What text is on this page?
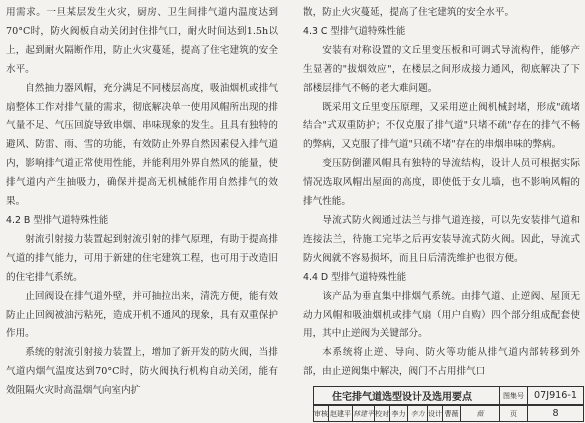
用需求。一旦某层发生火灾，厨房、卫生间排气道内温度达到70°C时，防火阀板自动关闭封住排气口，耐火时间达到1.5h以上，起到耐火隔断作用，防止火灾蔓延，提高了住宅建筑的安全水平。

自然抽力器风帽，充分满足不同楼层高度，吸油烟机或排气扇整体工作对排气量的需求，彻底解决单一使用风帽所出现的排气量不足、气压回旋导致串烟、串味现象的发生。且具有独特的避风、防雷、雨、雪的功能，有效防止外界自然因素侵入排气道内，影响排气道正常使用性能，并能利用外界自然风的能量，使排气道内产生抽吸力，确保并提高无机械能作用自然排气的效果。

4.2 B 型排气道特殊性能

射流引射接力装置起到射流引射的排气原理，有助于提高排气道的排气能力，可用于新建的住宅建筑工程，也可用于改造旧的住宅排气系统。

止回阀设在排气道外壁，并可抽拉出来，清洗方便，能有效防止止回阀被油污粘死，造成开机不通风的现象，具有双重保护作用。

系统的射流引射接力装置上，增加了新开发的防火阀，当排气道内烟气温度达到70°C时，防火阀执行机构自动关闭，能有效阻隔火灾时高温烟气向室内扩

散，防止火灾蔓延，提高了住宅建筑的安全水平。

4.3 C 型排气道特殊性能

安装有对称设置的文丘里变压板和可调式导流构件，能够产生显著的"拔烟效应"，在楼层之间形成接力通风，彻底解决了下部楼层排气不畅的老大难问题。

既采用文丘里变压原理，又采用逆止阀机械封堵，形成"疏堵结合"式双重防护；不仅克服了排气道"只堵不疏"存在的排气不畅的弊病，又克服了排气道"只疏不堵"存在的串烟串味的弊病。

变压防倒灌风帽具有独特的导流结构，设计人员可根据实际情况选取风帽出屋面的高度，即使低于女儿墙，也不影响风帽的排气性能。

导流式防火阀通过法兰与排气道连接，可以先安装排气道和连接法兰，待施工完毕之后再安装导流式防火阀。因此，导流式防火阀就不容易损坏，而且日后清洗维护也很方便。

4.4 D 型排气道特殊性能

该产品为垂直集中排烟气系统。由排气道、止逆阀、屋顶无动力风帽和吸油烟机或排气扇（用户自购）四个部分组成配套使用，其中止逆阀为关键部分。

本系统将止逆、导向、防火等功能从排气道内部转移到外部，由止逆阀集中解决，阀门不占用排气口

住宅排气道选型设计及选用要点	图集号	07J916-1
审核	赵建平	林建平	校对	李力	李力	设计	曹薇	薇	页	8
